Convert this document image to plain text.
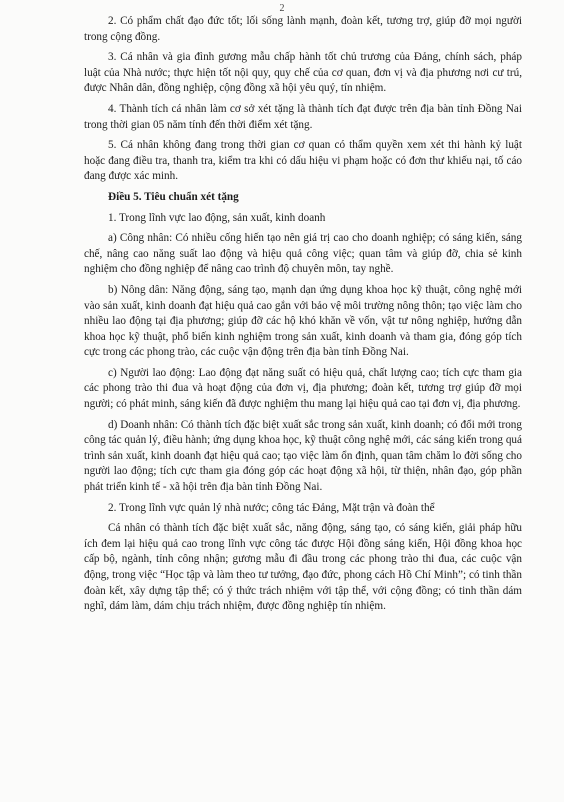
2

2. Có phẩm chất đạo đức tốt; lối sống lành mạnh, đoàn kết, tương trợ, giúp đỡ mọi người trong cộng đồng.

3. Cá nhân và gia đình gương mẫu chấp hành tốt chủ trương của Đảng, chính sách, pháp luật của Nhà nước; thực hiện tốt nội quy, quy chế của cơ quan, đơn vị và địa phương nơi cư trú, được Nhân dân, đồng nghiệp, cộng đồng xã hội yêu quý, tín nhiệm.

4. Thành tích cá nhân làm cơ sở xét tặng là thành tích đạt được trên địa bàn tỉnh Đồng Nai trong thời gian 05 năm tính đến thời điểm xét tặng.

5. Cá nhân không đang trong thời gian cơ quan có thẩm quyền xem xét thi hành kỷ luật hoặc đang điều tra, thanh tra, kiểm tra khi có dấu hiệu vi phạm hoặc có đơn thư khiếu nại, tố cáo đang được xác minh.

Điều 5. Tiêu chuẩn xét tặng

1. Trong lĩnh vực lao động, sản xuất, kinh doanh

a) Công nhân: Có nhiều cống hiến tạo nên giá trị cao cho doanh nghiệp; có sáng kiến, sáng chế, nâng cao năng suất lao động và hiệu quả công việc; quan tâm và giúp đỡ, chia sẻ kinh nghiệm cho đồng nghiệp để nâng cao trình độ chuyên môn, tay nghề.

b) Nông dân: Năng động, sáng tạo, mạnh dạn ứng dụng khoa học kỹ thuật, công nghệ mới vào sản xuất, kinh doanh đạt hiệu quả cao gắn với bảo vệ môi trường nông thôn; tạo việc làm cho nhiều lao động tại địa phương; giúp đỡ các hộ khó khăn về vốn, vật tư nông nghiệp, hướng dẫn khoa học kỹ thuật, phổ biến kinh nghiệm trong sản xuất, kinh doanh và tham gia, đóng góp tích cực trong các phong trào, các cuộc vận động trên địa bàn tỉnh Đồng Nai.

c) Người lao động: Lao động đạt năng suất có hiệu quả, chất lượng cao; tích cực tham gia các phong trào thi đua và hoạt động của đơn vị, địa phương; đoàn kết, tương trợ giúp đỡ mọi người; có phát minh, sáng kiến đã được nghiệm thu mang lại hiệu quả cao tại đơn vị, địa phương.

d) Doanh nhân: Có thành tích đặc biệt xuất sắc trong sản xuất, kinh doanh; có đổi mới trong công tác quản lý, điều hành; ứng dụng khoa học, kỹ thuật công nghệ mới, các sáng kiến trong quá trình sản xuất, kinh doanh đạt hiệu quả cao; tạo việc làm ổn định, quan tâm chăm lo đời sống cho người lao động; tích cực tham gia đóng góp các hoạt động xã hội, từ thiện, nhân đạo, góp phần phát triển kinh tế - xã hội trên địa bàn tỉnh Đồng Nai.

2. Trong lĩnh vực quản lý nhà nước; công tác Đảng, Mặt trận và đoàn thể

Cá nhân có thành tích đặc biệt xuất sắc, năng động, sáng tạo, có sáng kiến, giải pháp hữu ích đem lại hiệu quả cao trong lĩnh vực công tác được Hội đồng sáng kiến, Hội đồng khoa học cấp bộ, ngành, tỉnh công nhận; gương mẫu đi đầu trong các phong trào thi đua, các cuộc vận động, trong việc “Học tập và làm theo tư tưởng, đạo đức, phong cách Hồ Chí Minh”; có tinh thần đoàn kết, xây dựng tập thể; có ý thức trách nhiệm với tập thể, với cộng đồng; có tinh thần dám nghĩ, dám làm, dám chịu trách nhiệm, được đồng nghiệp tín nhiệm.
